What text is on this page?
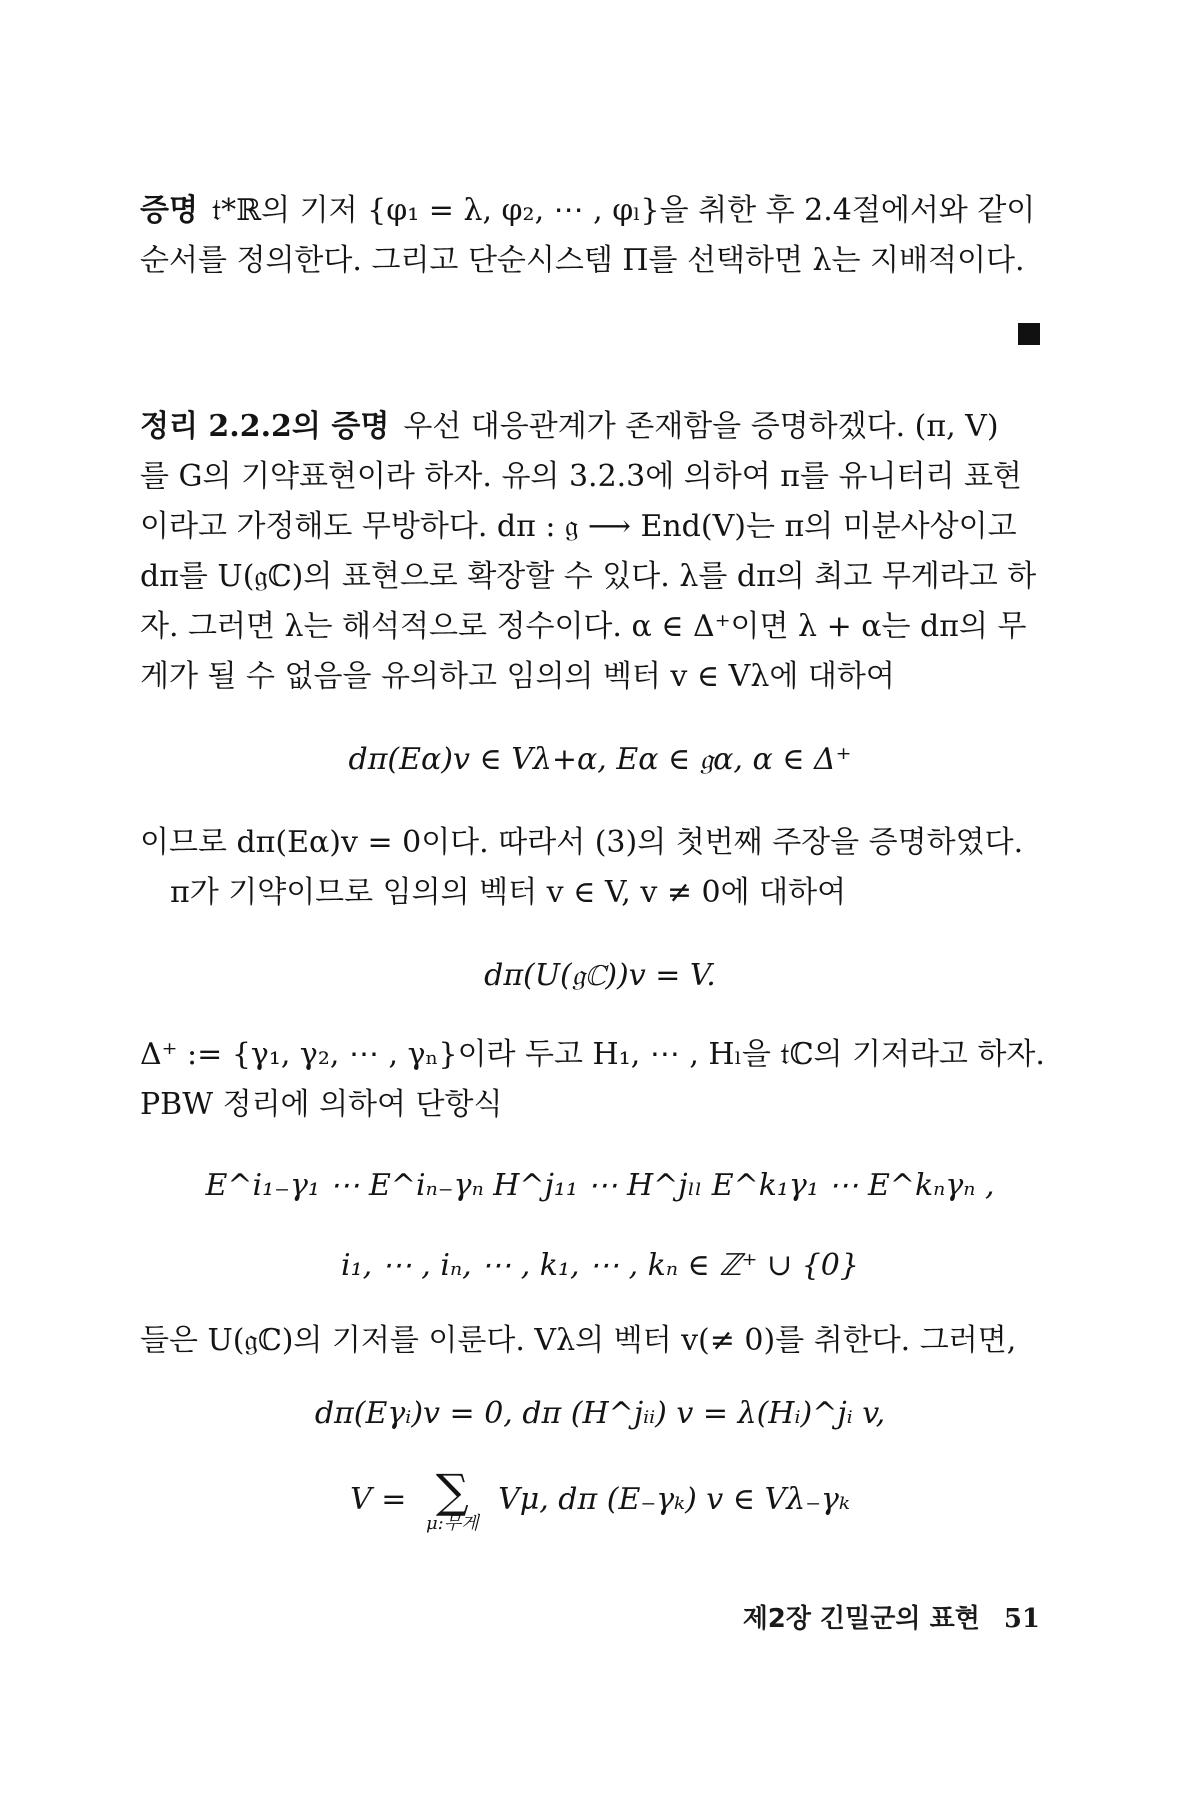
증명 𝔱*ℝ의 기저 {φ₁ = λ, φ₂, ⋯ , φₗ}을 취한 후 2.4절에서와 같이
순서를 정의한다. 그리고 단순시스템 Π를 선택하면 λ는 지배적이다.
정리 2.2.2의 증명 우선 대응관계가 존재함을 증명하겠다. (π, V)
를 G의 기약표현이라 하자. 유의 3.2.3에 의하여 π를 유니터리 표현
이라고 가정해도 무방하다. dπ : 𝔤 ⟶ End(V)는 π의 미분사상이고
dπ를 U(𝔤ℂ)의 표현으로 확장할 수 있다. λ를 dπ의 최고 무게라고 하
자. 그러면 λ는 해석적으로 정수이다. α ∈ Δ⁺이면 λ + α는 dπ의 무
게가 될 수 없음을 유의하고 임의의 벡터 v ∈ Vλ에 대하여
dπ(Eα)v ∈ Vλ+α, Eα ∈ 𝔤α, α ∈ Δ⁺
이므로 dπ(Eα)v = 0이다. 따라서 (3)의 첫번째 주장을 증명하였다.
π가 기약이므로 임의의 벡터 v ∈ V, v ≠ 0에 대하여
dπ(U(𝔤ℂ))v = V.
Δ⁺ := {γ₁, γ₂, ⋯ , γₙ}이라 두고 H₁, ⋯ , Hₗ을 𝔱ℂ의 기저라고 하자.
PBW 정리에 의하여 단항식
E^i₁₋γ₁ ⋯ E^iₙ₋γₙ H^j₁₁ ⋯ H^jₗₗ E^k₁γ₁ ⋯ E^kₙγₙ ,
i₁, ⋯ , iₙ, ⋯ , k₁, ⋯ , kₙ ∈ ℤ⁺ ∪ {0}
들은 U(𝔤ℂ)의 기저를 이룬다. Vλ의 벡터 v(≠ 0)를 취한다. 그러면,
dπ(Eγᵢ)v = 0, dπ (H^jᵢᵢ) v = λ(Hᵢ)^jᵢ v,
V = ∑
μ:무게
Vμ, dπ (E₋γₖ) v ∈ Vλ₋γₖ
제2장 긴밀군의 표현 51
